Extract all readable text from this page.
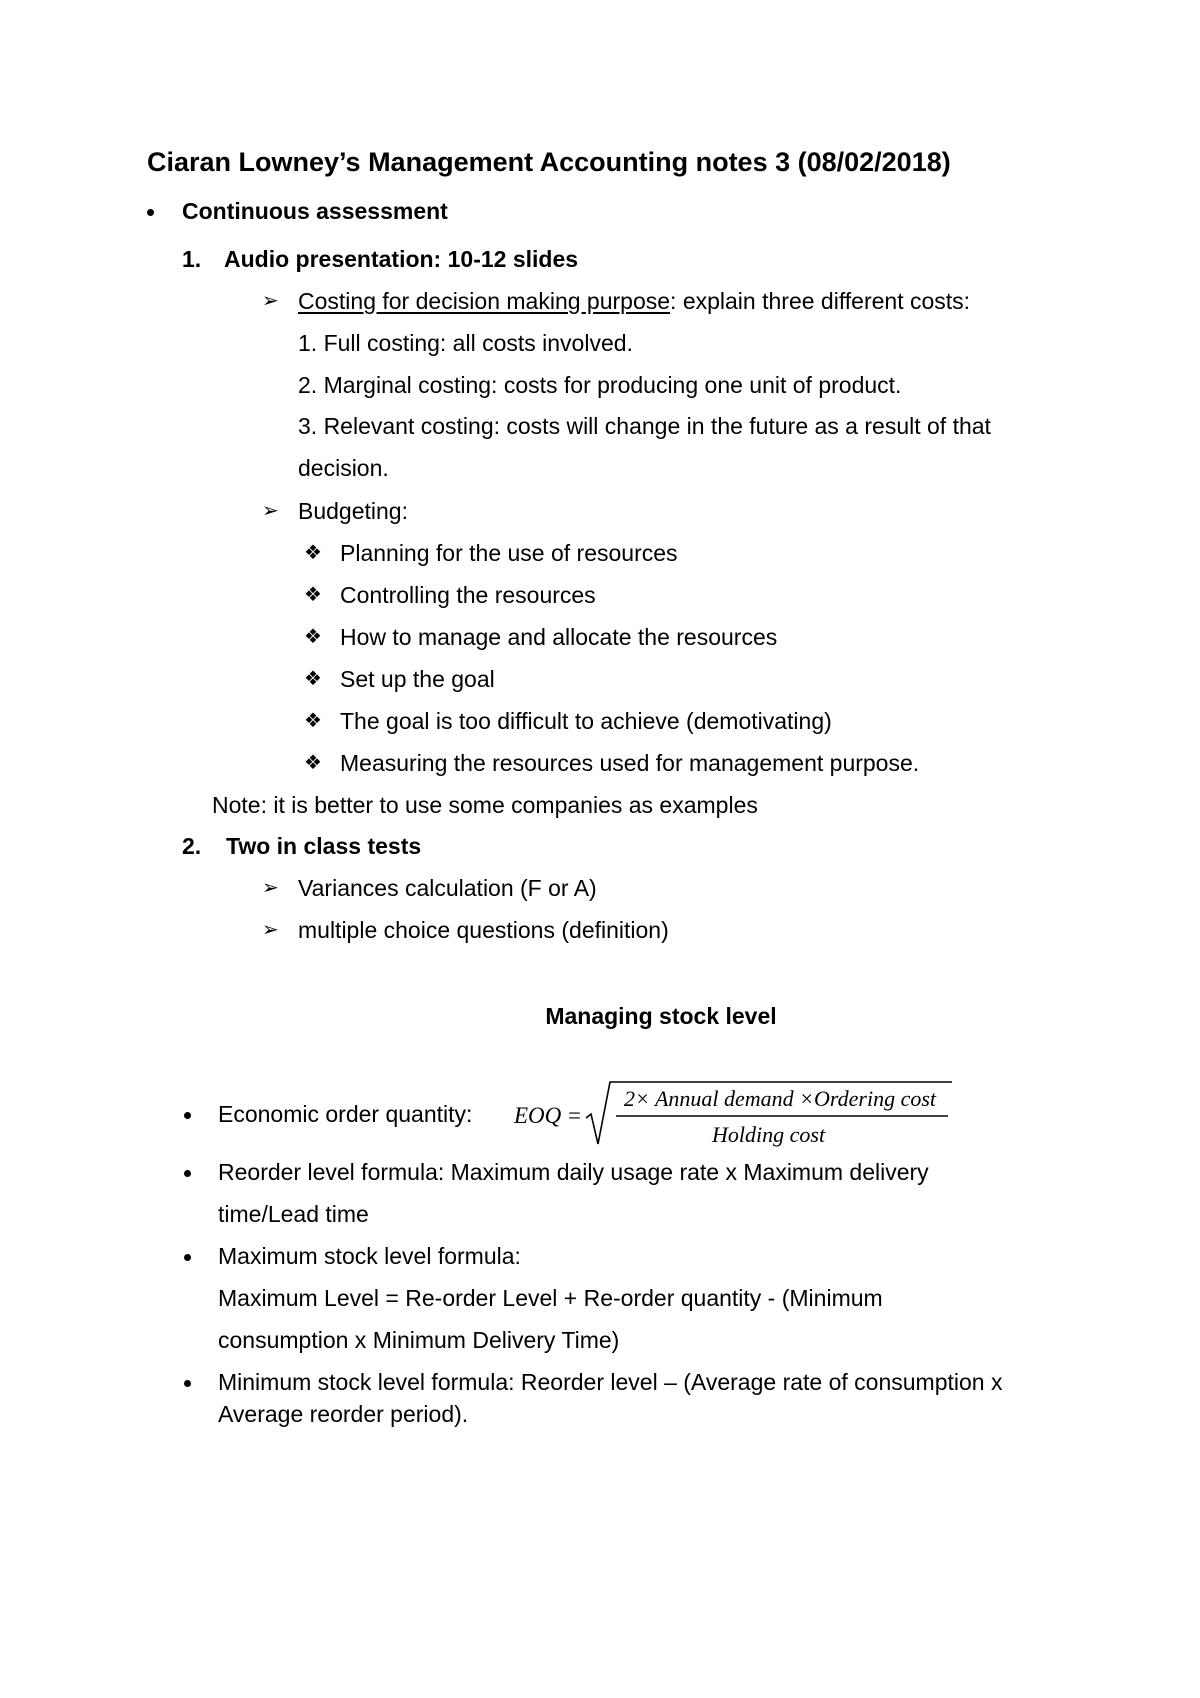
Ciaran Lowney’s Management Accounting notes 3 (08/02/2018)
Continuous assessment
1. Audio presentation: 10-12 slides
➢ Costing for decision making purpose: explain three different costs:
1. Full costing: all costs involved.
2. Marginal costing: costs for producing one unit of product.
3. Relevant costing: costs will change in the future as a result of that
decision.
➢ Budgeting:
❖ Planning for the use of resources
❖ Controlling the resources
❖ How to manage and allocate the resources
❖ Set up the goal
❖ The goal is too difficult to achieve (demotivating)
❖ Measuring the resources used for management purpose.
Note: it is better to use some companies as examples
2. Two in class tests
➢ Variances calculation (F or A)
➢ multiple choice questions (definition)
Managing stock level
Economic order quantity: EOQ =
2× Annual demand ×Ordering cost
Holding cost
Reorder level formula: Maximum daily usage rate x Maximum delivery
time/Lead time
Maximum stock level formula:
Maximum Level = Re-order Level + Re-order quantity - (Minimum
consumption x Minimum Delivery Time)
Minimum stock level formula: Reorder level – (Average rate of consumption x
Average reorder period).
